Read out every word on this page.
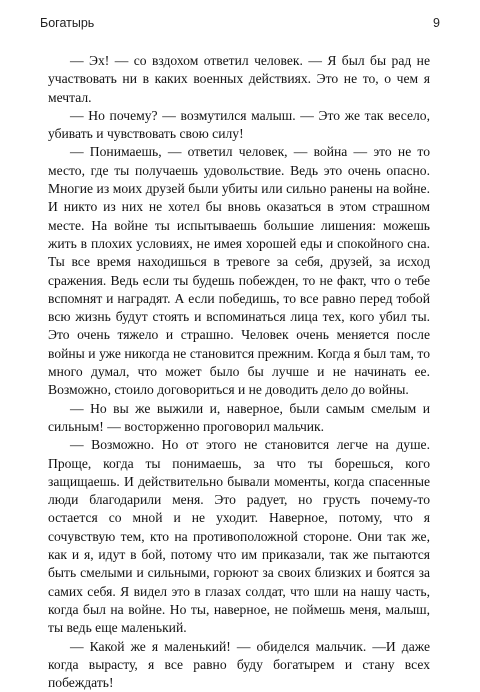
Богатырь	9

— Эх! — со вздохом ответил человек. — Я был бы рад не участвовать ни в каких военных действиях. Это не то, о чем я мечтал.

— Но почему? — возмутился малыш. — Это же так весело, убивать и чувствовать свою силу!

— Понимаешь, — ответил человек, — война — это не то место, где ты получаешь удовольствие. Ведь это очень опасно. Многие из моих друзей были убиты или сильно ранены на войне. И никто из них не хотел бы вновь оказаться в этом страшном месте. На войне ты испытываешь большие лишения: можешь жить в плохих условиях, не имея хорошей еды и спокойного сна. Ты все время находишься в тревоге за себя, друзей, за исход сражения. Ведь если ты будешь побежден, то не факт, что о тебе вспомнят и наградят. А если победишь, то все равно перед тобой всю жизнь будут стоять и вспоминаться лица тех, кого убил ты. Это очень тяжело и страшно. Человек очень меняется после войны и уже никогда не становится прежним. Когда я был там, то много думал, что может было бы лучше и не начинать ее. Возможно, стоило договориться и не доводить дело до войны.

— Но вы же выжили и, наверное, были самым смелым и сильным! — восторженно проговорил мальчик.

— Возможно. Но от этого не становится легче на душе. Проще, когда ты понимаешь, за что ты борешься, кого защищаешь. И действительно бывали моменты, когда спасенные люди благодарили меня. Это радует, но грусть почему-то остается со мной и не уходит. Наверное, потому, что я сочувствую тем, кто на противоположной стороне. Они так же, как и я, идут в бой, потому что им приказали, так же пытаются быть смелыми и сильными, горюют за своих близких и боятся за самих себя. Я видел это в глазах солдат, что шли на нашу часть, когда был на войне. Но ты, наверное, не поймешь меня, малыш, ты ведь еще маленький.

— Какой же я маленький! — обиделся мальчик. —И даже когда вырасту, я все равно буду богатырем и стану всех побеждать!
